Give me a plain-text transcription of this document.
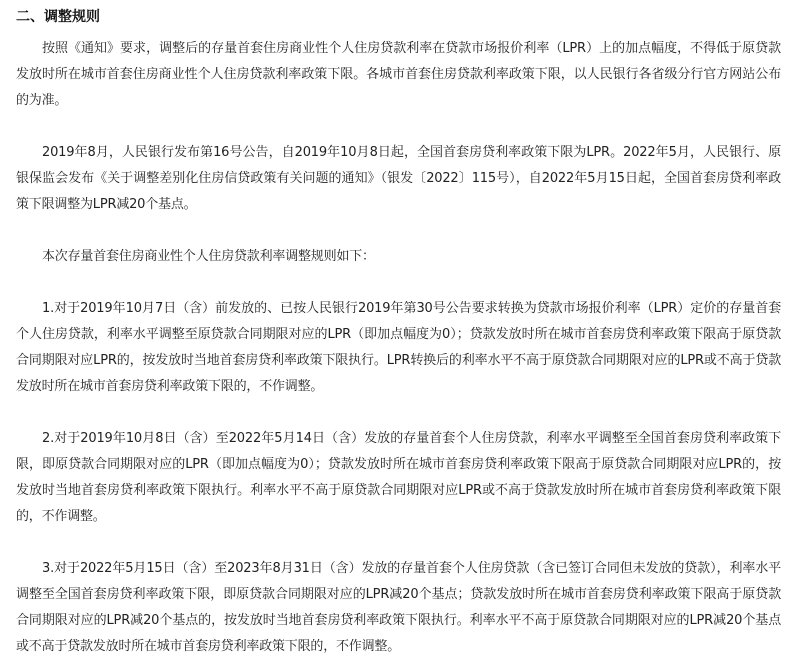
二、调整规则

按照《通知》要求，调整后的存量首套住房商业性个人住房贷款利率在贷款市场报价利率（LPR）上的加点幅度，不得低于原贷款发放时所在城市首套住房商业性个人住房贷款利率政策下限。各城市首套住房贷款利率政策下限，以人民银行各省级分行官方网站公布的为准。

2019年8月，人民银行发布第16号公告，自2019年10月8日起，全国首套房贷利率政策下限为LPR。2022年5月，人民银行、原银保监会发布《关于调整差别化住房信贷政策有关问题的通知》（银发〔2022〕115号），自2022年5月15日起，全国首套房贷利率政策下限调整为LPR减20个基点。

本次存量首套住房商业性个人住房贷款利率调整规则如下：

1.对于2019年10月7日（含）前发放的、已按人民银行2019年第30号公告要求转换为贷款市场报价利率（LPR）定价的存量首套个人住房贷款，利率水平调整至原贷款合同期限对应的LPR（即加点幅度为0）；贷款发放时所在城市首套房贷利率政策下限高于原贷款合同期限对应LPR的，按发放时当地首套房贷利率政策下限执行。LPR转换后的利率水平不高于原贷款合同期限对应的LPR或不高于贷款发放时所在城市首套房贷利率政策下限的，不作调整。

2.对于2019年10月8日（含）至2022年5月14日（含）发放的存量首套个人住房贷款，利率水平调整至全国首套房贷利率政策下限，即原贷款合同期限对应的LPR（即加点幅度为0）；贷款发放时所在城市首套房贷利率政策下限高于原贷款合同期限对应LPR的，按发放时当地首套房贷利率政策下限执行。利率水平不高于原贷款合同期限对应LPR或不高于贷款发放时所在城市首套房贷利率政策下限的，不作调整。

3.对于2022年5月15日（含）至2023年8月31日（含）发放的存量首套个人住房贷款（含已签订合同但未发放的贷款），利率水平调整至全国首套房贷利率政策下限，即原贷款合同期限对应的LPR减20个基点；贷款发放时所在城市首套房贷利率政策下限高于原贷款合同期限对应的LPR减20个基点的，按发放时当地首套房贷利率政策下限执行。利率水平不高于原贷款合同期限对应的LPR减20个基点或不高于贷款发放时所在城市首套房贷利率政策下限的，不作调整。
